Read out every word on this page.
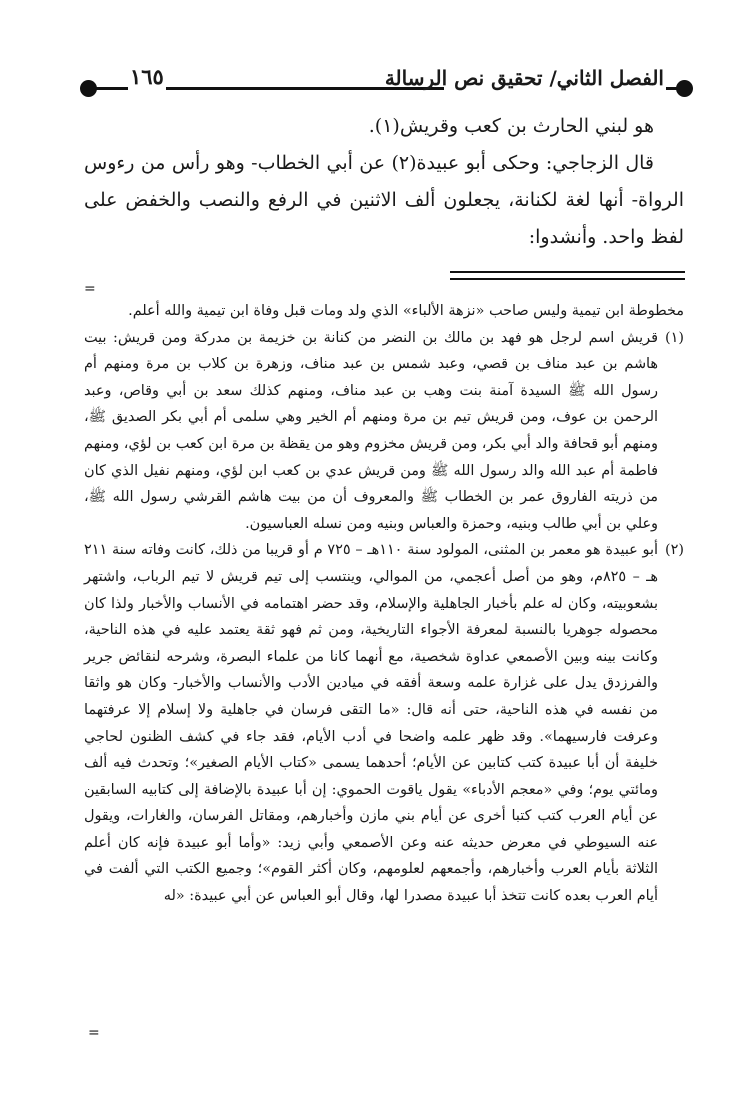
١٦٥	الفصل الثاني/ تحقيق نص الرسالة

هو لبني الحارث بن كعب وقريش(١).

قال الزجاجي: وحكى أبو عبيدة(٢) عن أبي الخطاب- وهو رأس من رءوس الرواة- أنها لغة لكنانة، يجعلون ألف الاثنين في الرفع والنصب والخفض على لفظ واحد. وأنشدوا:

=

مخطوطة ابن تيمية وليس صاحب «نزهة الألباء» الذي ولد ومات قبل وفاة ابن تيمية والله أعلم.

(١)

قريش اسم لرجل هو فهد بن مالك بن النضر من كنانة بن خزيمة بن مدركة ومن قريش: بيت هاشم بن عبد مناف بن قصي، وعبد شمس بن عبد مناف، وزهرة بن كلاب بن مرة ومنهم أم رسول الله ﷺ السيدة آمنة بنت وهب بن عبد مناف، ومنهم كذلك سعد بن أبي وقاص، وعبد الرحمن بن عوف، ومن قريش تيم بن مرة ومنهم أم الخير وهي سلمى أم أبي بكر الصديق ﷺ، ومنهم أبو قحافة والد أبي بكر، ومن قريش مخزوم وهو من يقظة بن مرة ابن كعب بن لؤي، ومنهم فاطمة أم عبد الله والد رسول الله ﷺ ومن قريش عدي بن كعب ابن لؤي، ومنهم نفيل الذي كان من ذريته الفاروق عمر بن الخطاب ﷺ والمعروف أن من بيت هاشم القرشي رسول الله ﷺ، وعلي بن أبي طالب وبنيه، وحمزة والعباس وبنيه ومن نسله العباسيون.

(٢)

أبو عبيدة هو معمر بن المثنى، المولود سنة ١١٠هـ – ٧٢٥ م أو قريبا من ذلك، كانت وفاته سنة ٢١١ هـ – ٨٢٥م، وهو من أصل أعجمي، من الموالي، وينتسب إلى تيم قريش لا تيم الرباب، واشتهر بشعوبيته، وكان له علم بأخبار الجاهلية والإسلام، وقد حضر اهتمامه في الأنساب والأخبار ولذا كان محصوله جوهريا بالنسبة لمعرفة الأجواء التاريخية، ومن ثم فهو ثقة يعتمد عليه في هذه الناحية، وكانت بينه وبين الأصمعي عداوة شخصية، مع أنهما كانا من علماء البصرة، وشرحه لنقائض جرير والفرزدق يدل على غزارة علمه وسعة أفقه في ميادين الأدب والأنساب والأخبار- وكان هو واثقا من نفسه في هذه الناحية، حتى أنه قال: «ما التقى فرسان في جاهلية ولا إسلام إلا عرفتهما وعرفت فارسيهما». وقد ظهر علمه واضحا في أدب الأيام، فقد جاء في كشف الظنون لحاجي خليفة أن أبا عبيدة كتب كتابين عن الأيام؛ أحدهما يسمى «كتاب الأيام الصغير»؛ وتحدث فيه ألف ومائتي يوم؛ وفي «معجم الأدباء» يقول ياقوت الحموي: إن أبا عبيدة بالإضافة إلى كتابيه السابقين عن أيام العرب كتب كتبا أخرى عن أيام بني مازن وأخبارهم، ومقاتل الفرسان، والغارات، ويقول عنه السيوطي في معرض حديثه عنه وعن الأصمعي وأبي زيد: «وأما أبو عبيدة فإنه كان أعلم الثلاثة بأيام العرب وأخبارهم، وأجمعهم لعلومهم، وكان أكثر القوم»؛ وجميع الكتب التي ألفت في أيام العرب بعده كانت تتخذ أبا عبيدة مصدرا لها، وقال أبو العباس عن أبي عبيدة: «له

=
